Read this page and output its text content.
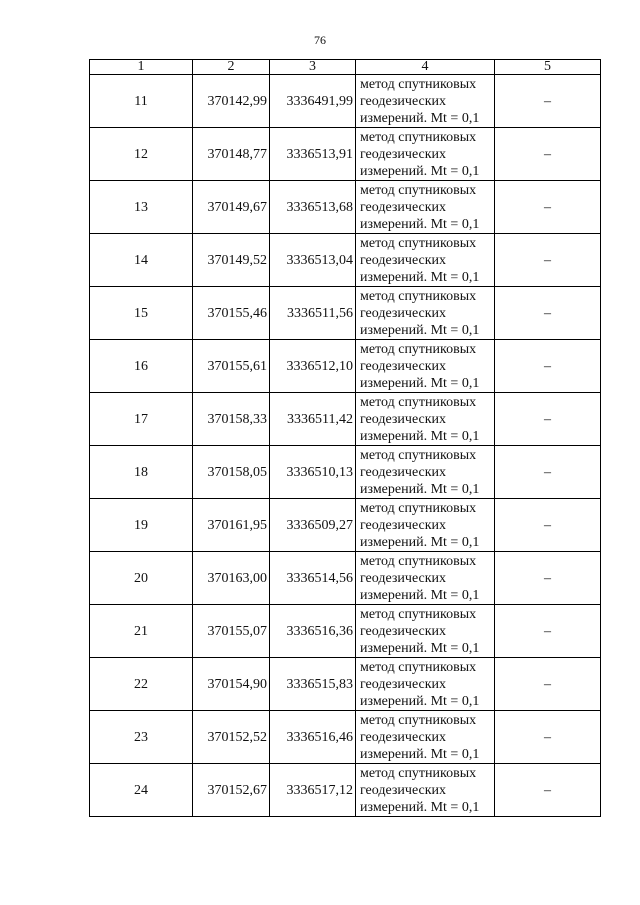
76
1	2	3	4	5
11	370142,99	3336491,99	метод спутниковых
геодезических
измерений. Mt = 0,1	–
12	370148,77	3336513,91	метод спутниковых
геодезических
измерений. Mt = 0,1	–
13	370149,67	3336513,68	метод спутниковых
геодезических
измерений. Mt = 0,1	–
14	370149,52	3336513,04	метод спутниковых
геодезических
измерений. Mt = 0,1	–
15	370155,46	3336511,56	метод спутниковых
геодезических
измерений. Mt = 0,1	–
16	370155,61	3336512,10	метод спутниковых
геодезических
измерений. Mt = 0,1	–
17	370158,33	3336511,42	метод спутниковых
геодезических
измерений. Mt = 0,1	–
18	370158,05	3336510,13	метод спутниковых
геодезических
измерений. Mt = 0,1	–
19	370161,95	3336509,27	метод спутниковых
геодезических
измерений. Mt = 0,1	–
20	370163,00	3336514,56	метод спутниковых
геодезических
измерений. Mt = 0,1	–
21	370155,07	3336516,36	метод спутниковых
геодезических
измерений. Mt = 0,1	–
22	370154,90	3336515,83	метод спутниковых
геодезических
измерений. Mt = 0,1	–
23	370152,52	3336516,46	метод спутниковых
геодезических
измерений. Mt = 0,1	–
24	370152,67	3336517,12	метод спутниковых
геодезических
измерений. Mt = 0,1	–
